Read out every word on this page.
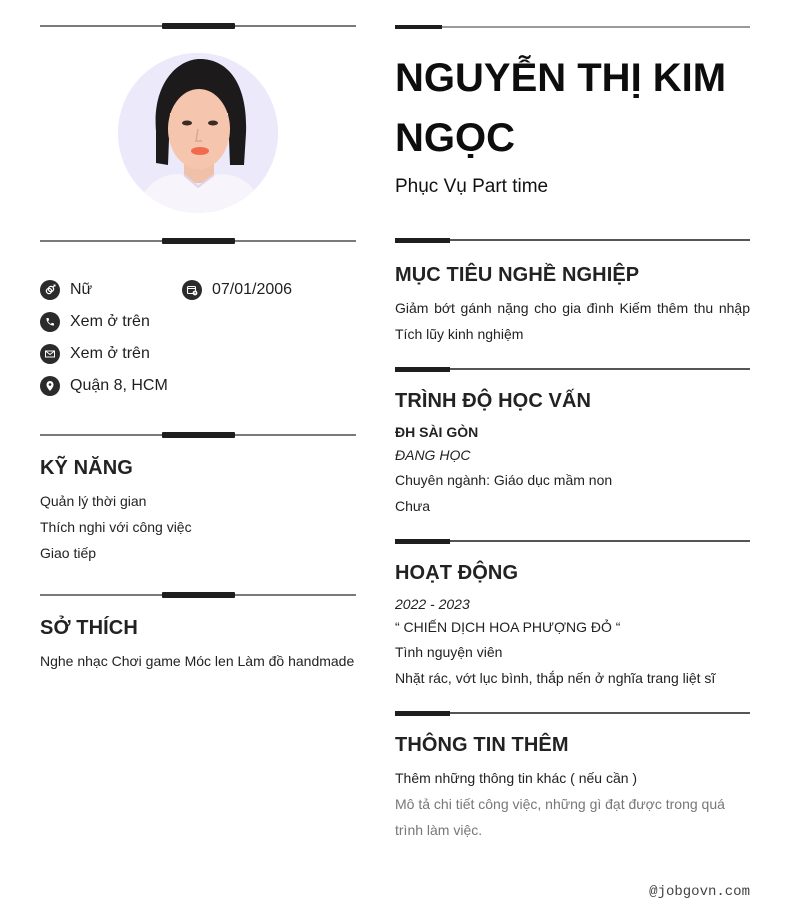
Nữ	07/01/2006
Xem ở trên
Xem ở trên
Quận 8, HCM
KỸ NĂNG
Quản lý thời gian
Thích nghi với công việc
Giao tiếp
SỞ THÍCH
Nghe nhạc Chơi game Móc len Làm đồ handmade
NGUYỄN THỊ KIM NGỌC
Phục Vụ Part time
MỤC TIÊU NGHỀ NGHIỆP
Giảm bớt gánh nặng cho gia đình Kiếm thêm thu nhập Tích lũy kinh nghiệm
TRÌNH ĐỘ HỌC VẤN
ĐH SÀI GÒN
ĐANG HỌC
Chuyên ngành: Giáo dục mầm non
Chưa
HOẠT ĐỘNG
2022 - 2023
“ CHIẾN DỊCH HOA PHƯỢNG ĐỎ “
Tình nguyện viên
Nhặt rác, vớt lục bình, thắp nến ở nghĩa trang liệt sĩ
THÔNG TIN THÊM
Thêm những thông tin khác ( nếu cần )
Mô tả chi tiết công việc, những gì đạt được trong quá trình làm việc.
@jobgovn.com
